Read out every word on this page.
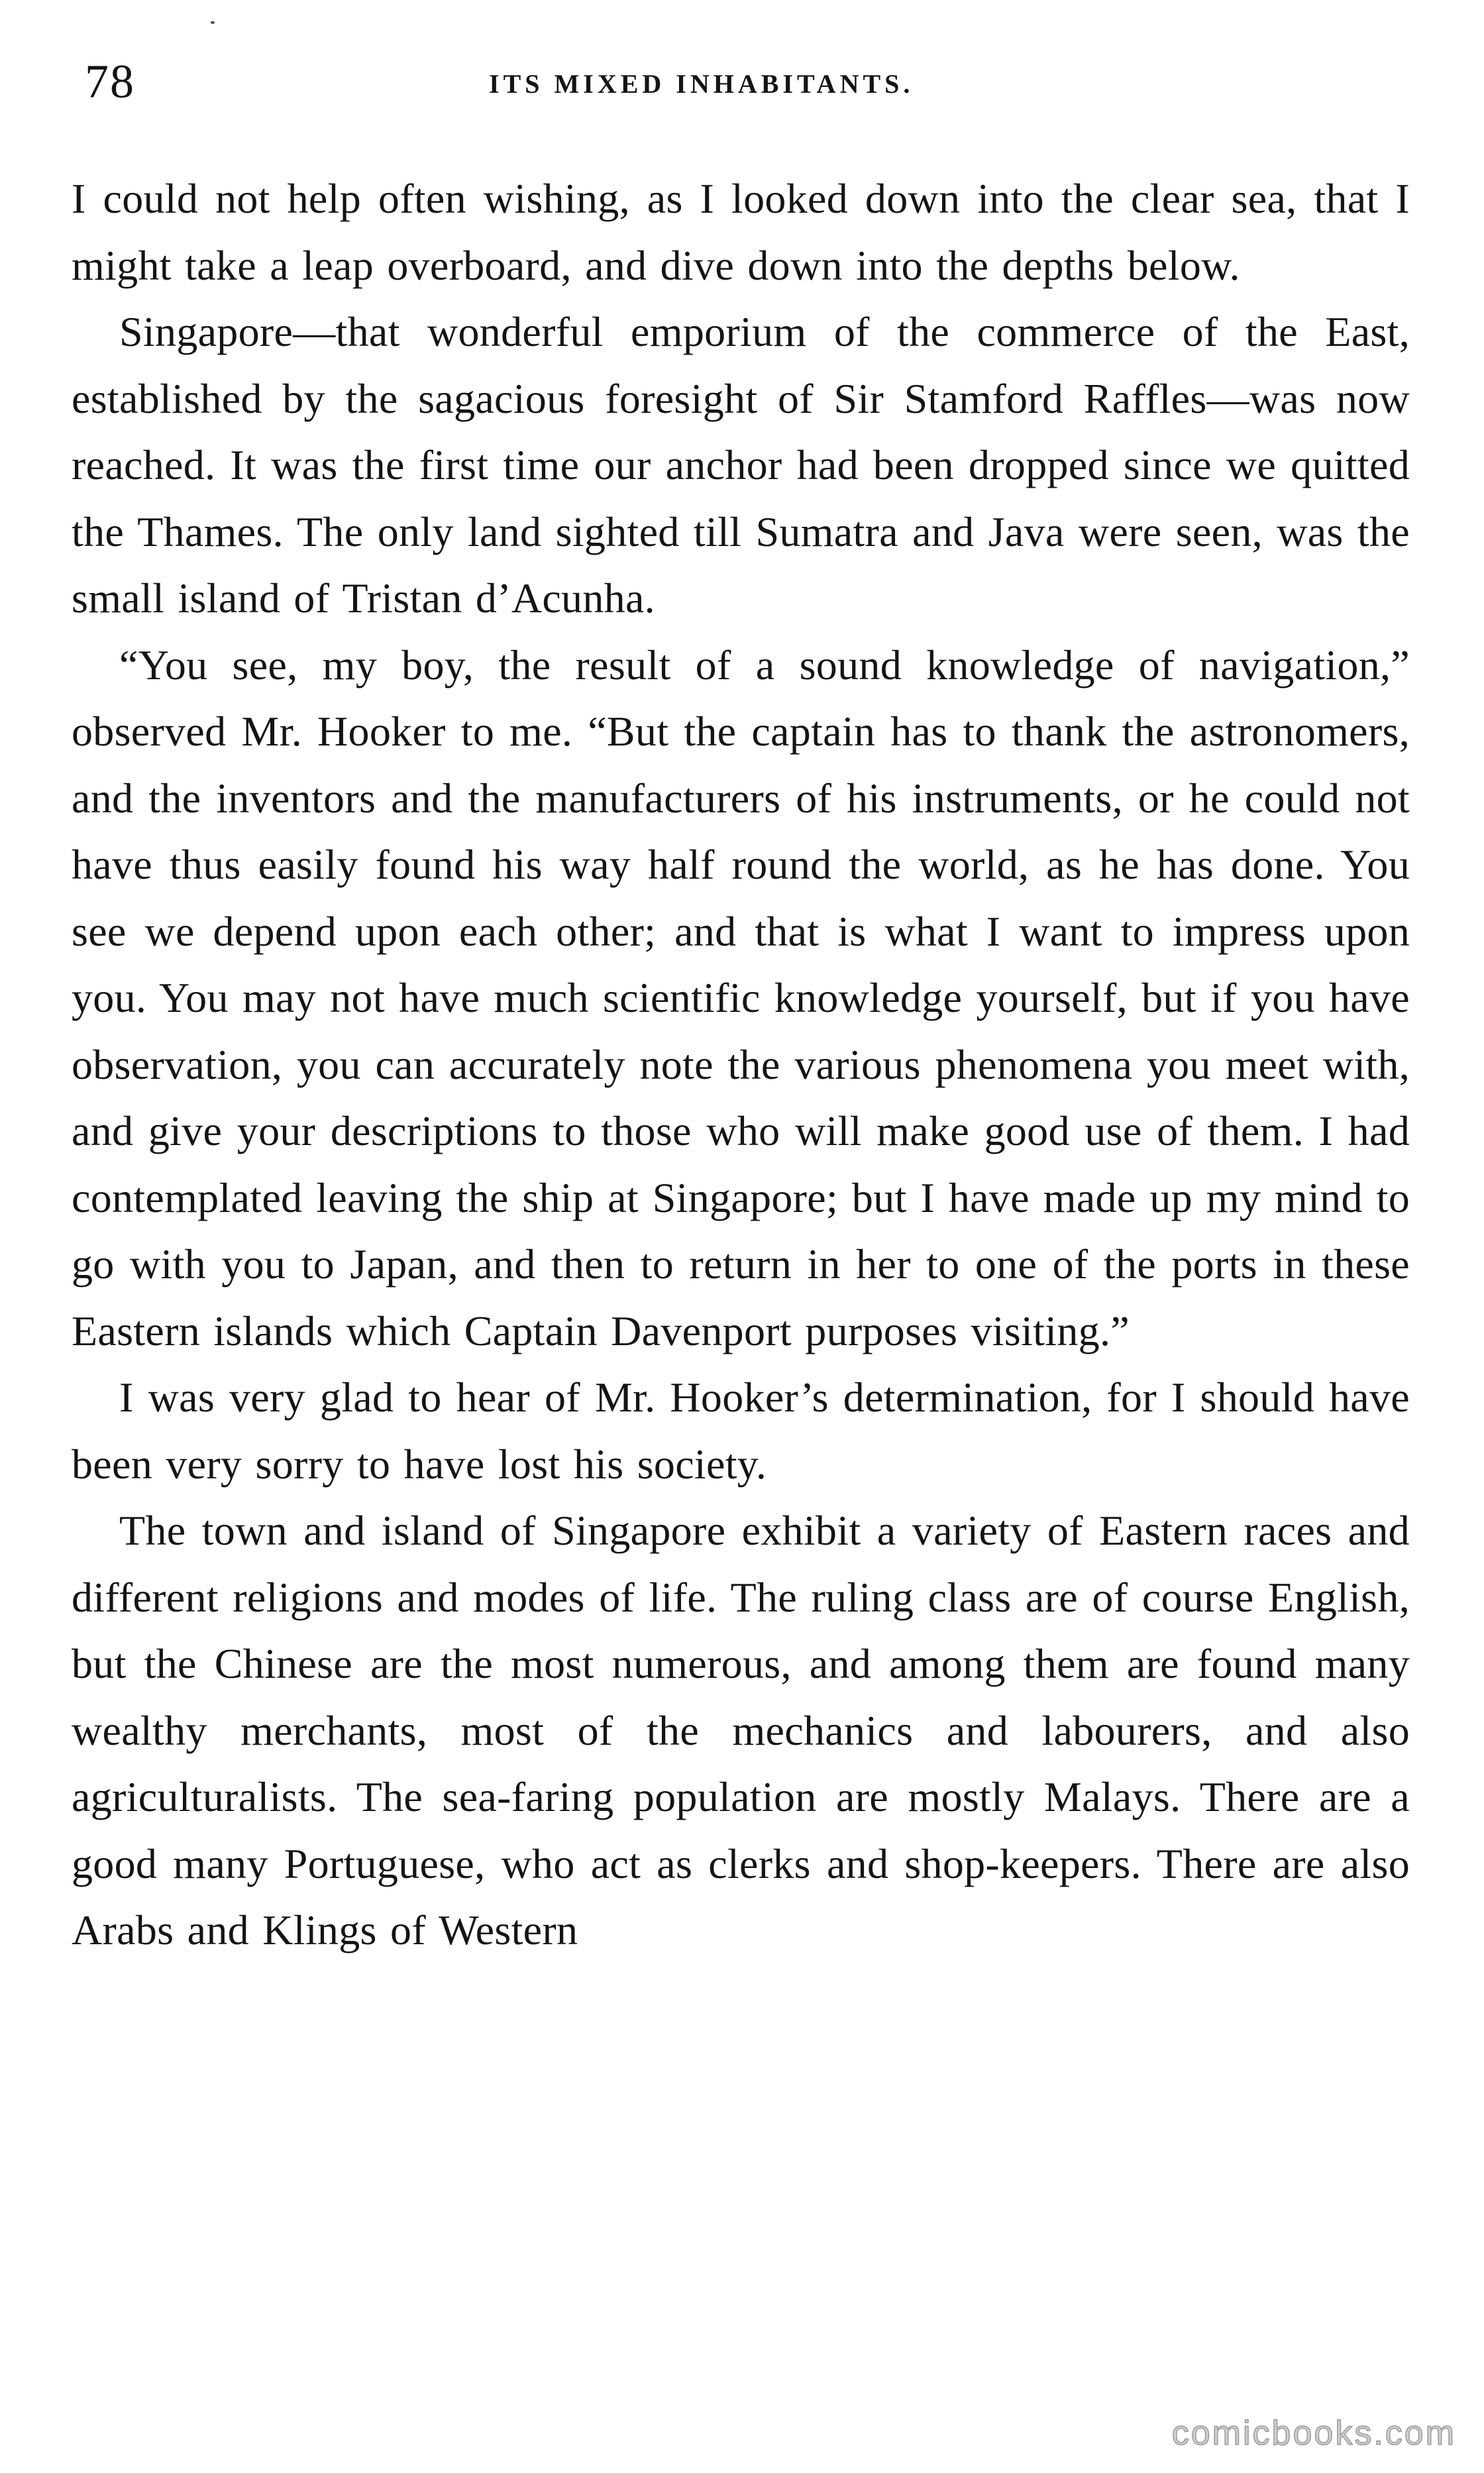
78	ITS MIXED INHABITANTS.

I could not help often wishing, as I looked down into the clear sea, that I might take a leap overboard, and dive down into the depths below.

Singapore—that wonderful emporium of the commerce of the East, established by the sagacious foresight of Sir Stamford Raffles—was now reached. It was the first time our anchor had been dropped since we quitted the Thames. The only land sighted till Sumatra and Java were seen, was the small island of Tristan d’Acunha.

“You see, my boy, the result of a sound knowledge of navigation,” observed Mr. Hooker to me. “But the captain has to thank the astronomers, and the inventors and the manufacturers of his instruments, or he could not have thus easily found his way half round the world, as he has done. You see we depend upon each other; and that is what I want to impress upon you. You may not have much scientific knowledge yourself, but if you have observation, you can accurately note the various phenomena you meet with, and give your descriptions to those who will make good use of them. I had contemplated leaving the ship at Singapore; but I have made up my mind to go with you to Japan, and then to return in her to one of the ports in these Eastern islands which Captain Davenport purposes visiting.”

I was very glad to hear of Mr. Hooker’s determination, for I should have been very sorry to have lost his society.

The town and island of Singapore exhibit a variety of Eastern races and different religions and modes of life. The ruling class are of course English, but the Chinese are the most numerous, and among them are found many wealthy merchants, most of the mechanics and labourers, and also agriculturalists. The sea-faring population are mostly Malays. There are a good many Portuguese, who act as clerks and shop-keepers. There are also Arabs and Klings of Western

comicbooks.com
